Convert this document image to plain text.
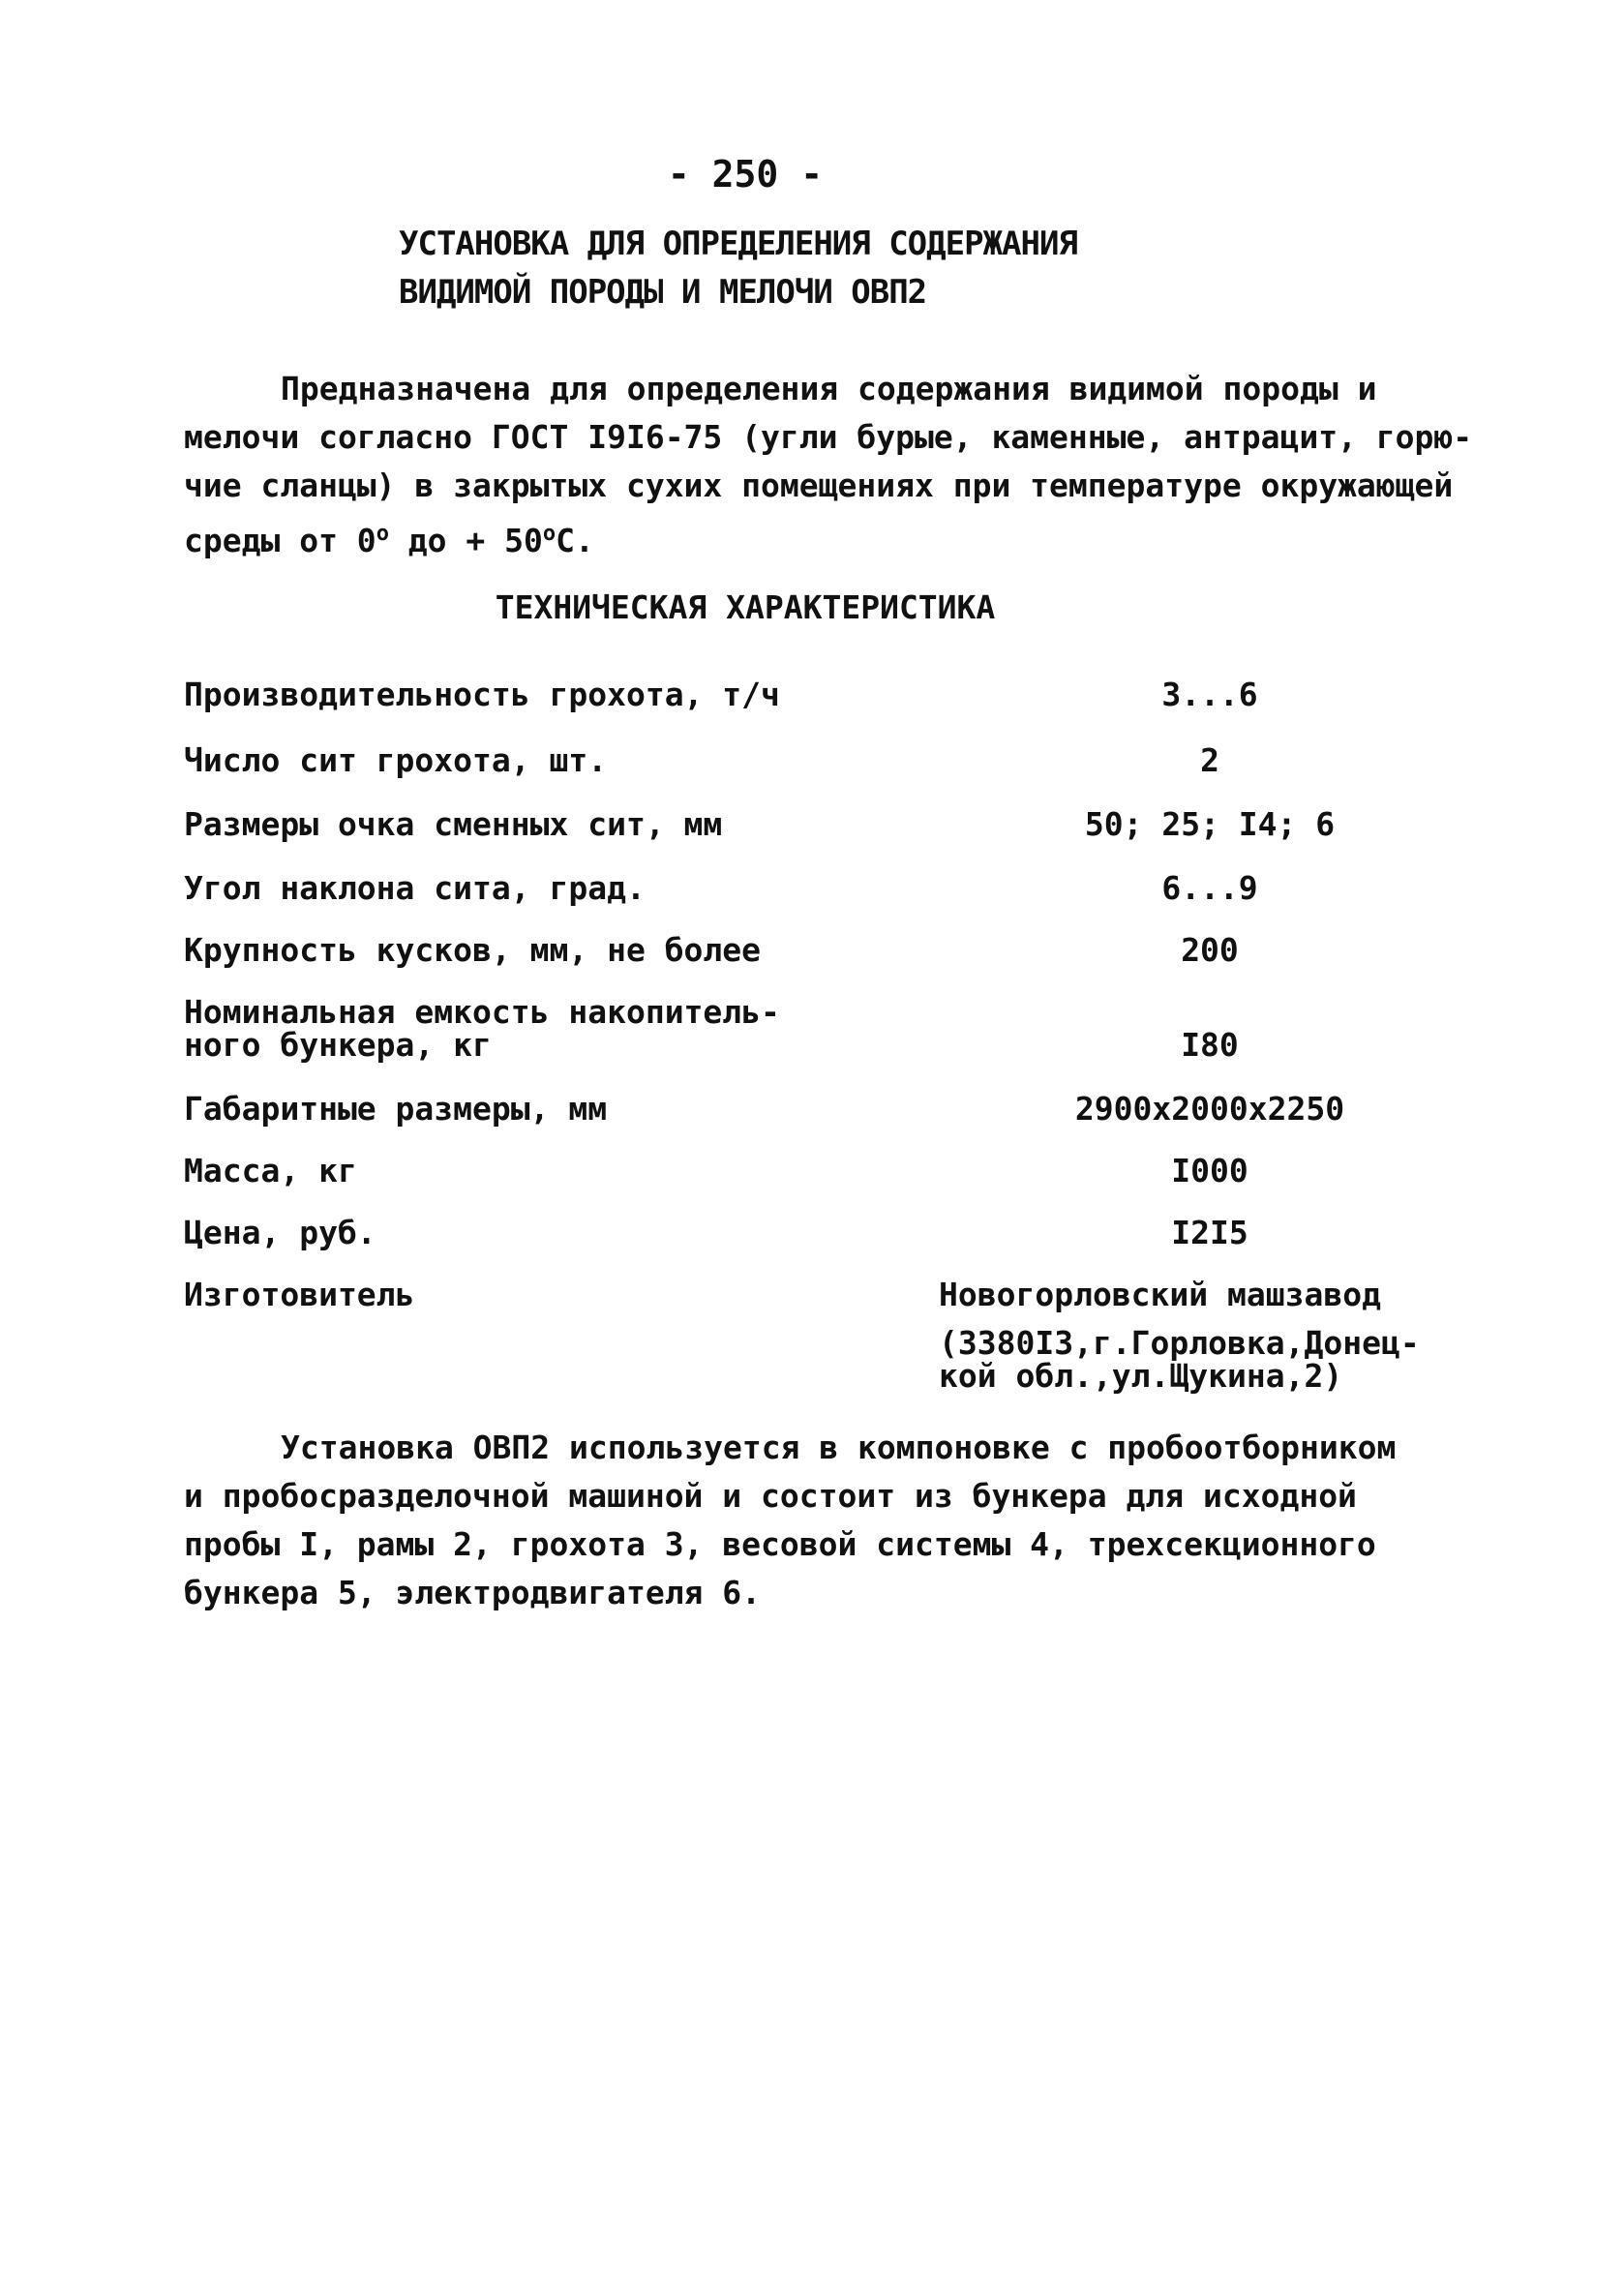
- 250 -
УСТАНОВКА ДЛЯ ОПРЕДЕЛЕНИЯ СОДЕРЖАНИЯ
ВИДИМОЙ ПОРОДЫ И МЕЛОЧИ ОВП2
Предназначена для определения содержания видимой породы и
мелочи согласно ГОСТ I9I6-75 (угли бурые, каменные, антрацит, горю-
чие сланцы) в закрытых сухих помещениях при температуре окружающей
среды от $0^о$ до + $50^оС$.
ТЕХНИЧЕСКАЯ ХАРАКТЕРИСТИКА
Производительность грохота, т/ч	3...6
Число сит грохота, шт.	2
Размеры очка сменных сит, мм	50; 25; I4; 6
Угол наклона сита, град.	6...9
Крупность кусков, мм, не более	200
Номинальная емкость накопитель-
ного бункера, кг	I80
Габаритные размеры, мм	2900х2000х2250
Масса, кг	I000
Цена, руб.	I2I5
Изготовитель	Новогорловский машзавод
(3380I3,г.Горловка,Донец-
кой обл.,ул.Щукина,2)
Установка ОВП2 используется в компоновке с пробоотборником
и пробоcразделочной машиной и состоит из бункера для исходной
пробы I, рамы 2, грохота 3, весовой системы 4, трехсекционного
бункера 5, электродвигателя 6.
